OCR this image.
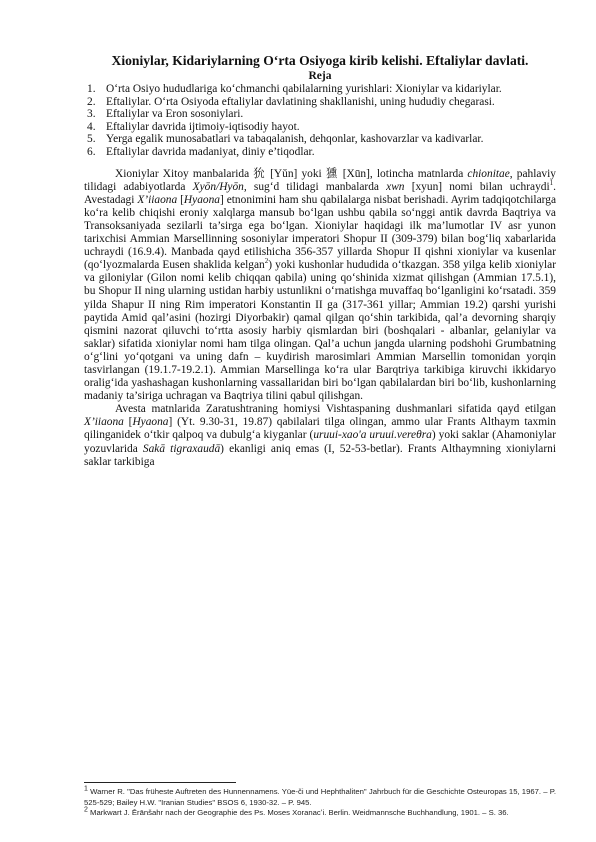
Xioniylar, Kidariylarning O‘rta Osiyoga kirib kelishi. Eftaliylar davlati.
Reja
1. O‘rta Osiyo hududlariga ko‘chmanchi qabilalarning yurishlari: Xioniylar va kidariylar.
2. Eftaliylar. O‘rta Osiyoda eftaliylar davlatining shakllanishi, uning hududiy chegarasi.
3. Eftaliylar va Eron sosoniylari.
4. Eftaliylar davrida ijtimoiy-iqtisodiy hayot.
5. Yerga egalik munosabatlari va tabaqalanish, dehqonlar, kashovarzlar va kadivarlar.
6. Eftaliylar davrida madaniyat, diniy e’tiqodlar.

Xioniylar Xitoy manbalarida 狁 [Yŭn] yoki 獯 [Xūn], lotincha matnlarda chionitae, pahlaviy tilidagi adabiyotlarda Xyōn/Hyōn, sug‘d tilidagi manbalarda xwn [xyun] nomi bilan uchraydi$^1$. Avestadagi X’iiaona [Hyaona] etnonimini ham shu qabilalarga nisbat berishadi. Ayrim tadqiqotchilarga ko‘ra kelib chiqishi eroniy xalqlarga mansub bo‘lgan ushbu qabila so‘nggi antik davrda Baqtriya va Transoksaniyada sezilarli ta’sirga ega bo‘lgan. Xioniylar haqidagi ilk ma’lumotlar IV asr yunon tarixchisi Ammian Marsellinning sosoniylar imperatori Shopur II (309-379) bilan bog‘liq xabarlarida uchraydi (16.9.4). Manbada qayd etilishicha 356-357 yillarda Shopur II qishni xioniylar va kusenlar (qo‘lyozmalarda Eusen shaklida kelgan$^2$) yoki kushonlar hududida o‘tkazgan. 358 yilga kelib xioniylar va giloniylar (Gilon nomi kelib chiqqan qabila) uning qo‘shinida xizmat qilishgan (Ammian 17.5.1), bu Shopur II ning ularning ustidan harbiy ustunlikni o‘rnatishga muvaffaq bo‘lganligini ko‘rsatadi. 359 yilda Shapur II ning Rim imperatori Konstantin II ga (317-361 yillar; Ammian 19.2) qarshi yurishi paytida Amid qal’asini (hozirgi Diyorbakir) qamal qilgan qo‘shin tarkibida, qal’a devorning sharqiy qismini nazorat qiluvchi to‘rtta asosiy harbiy qismlardan biri (boshqalari - albanlar, gelaniylar va saklar) sifatida xioniylar nomi ham tilga olingan. Qal’a uchun jangda ularning podshohi Grumbatning o‘g‘lini yo‘qotgani va uning dafn – kuydirish marosimlari Ammian Marsellin tomonidan yorqin tasvirlangan (19.1.7-19.2.1). Ammian Marsellinga ko‘ra ular Barqtriya tarkibiga kiruvchi ikkidaryo oralig‘ida yashashagan kushonlarning vassallaridan biri bo‘lgan qabilalardan biri bo‘lib, kushonlarning madaniy ta’siriga uchragan va Baqtriya tilini qabul qilishgan.

Avesta matnlarida Zaratushtraning homiysi Vishtaspaning dushmanlari sifatida qayd etilgan X’iiaona [Hyaona] (Yt. 9.30-31, 19.87) qabilalari tilga olingan, ammo ular Frants Althaym taxmin qilinganidek o‘tkir qalpoq va dubulg‘a kiyganlar (uruui-xao'a uruui.vereθra) yoki saklar (Ahamoniylar yozuvlarida Sakā tigraxaudā) ekanligi aniq emas (I, 52-53-betlar). Frants Althaymning xioniylarni saklar tarkibiga

$^1$ Warner R. "Das früheste Auftreten des Hunnennamens. Yüe-či und Hephthaliten" Jahrbuch für die Geschichte Osteuropas 15, 1967. – P. 525-529; Bailey H.W. "Iranian Studies" BSOS 6, 1930-32. – P. 945.

$^2$ Markwart J. Ērānšahr nach der Geographie des Ps. Moses Xoranacʻi. Berlin. Weidmannsche Buchhandlung, 1901. – S. 36.
